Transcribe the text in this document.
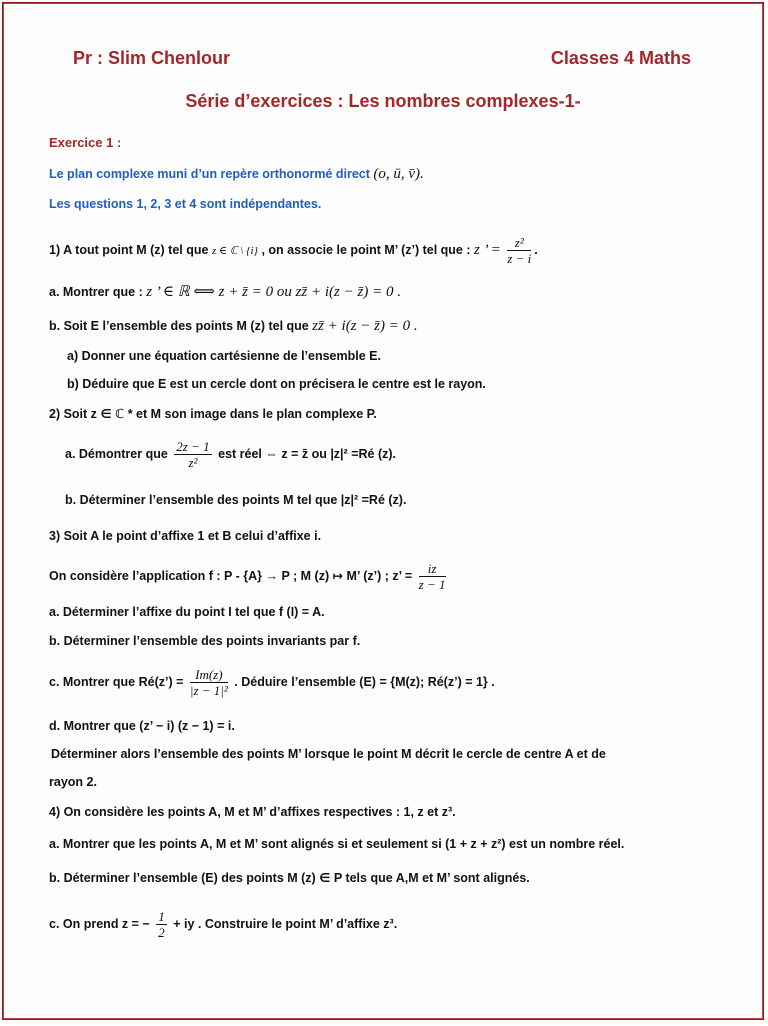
Pr : Slim Chenlour	Classes 4 Maths
Série d’exercices : Les nombres complexes-1-
Exercice 1 :
Le plan complexe muni d’un repère orthonormé direct (o, ū, v̄).
Les questions 1, 2, 3 et 4 sont indépendantes.
1) A tout point M (z) tel que z ∈ ℂ \ {i} , on associe le point M’ (z’) tel que : z ’ = $\frac{\text{z²}}{z - i}$ .
a. Montrer que : z ’ ∈ ℝ ⟺ z + z̄ = 0 ou zz̄ + i(z − z̄) = 0 .
b. Soit E l’ensemble des points M (z) tel que zz̄ + i(z − z̄) = 0 .
a) Donner une équation cartésienne de l’ensemble E.
b) Déduire que E est un cercle dont on précisera le centre est le rayon.
2) Soit z ∈ ℂ * et M son image dans le plan complexe P.
a. Démontrer que $\frac{2z - 1}{\text{z²}}$ est réel ⇔ z = z̄ ou |z|² =Ré (z).
b. Déterminer l’ensemble des points M tel que |z|² =Ré (z).
3) Soit A le point d’affixe 1 et B celui d’affixe i.
On considère l’application f : P - {A} → P ; M (z) ↦ M’ (z’) ; z’ = $\frac{iz}{z - 1}$
a. Déterminer l’affixe du point I tel que f (I) = A.
b. Déterminer l’ensemble des points invariants par f.
c. Montrer que Ré(z’) = $\frac{Im(z)}{\text{|z − 1|²}}$ . Déduire l’ensemble (E) = {M(z); Ré(z’) = 1} .
d. Montrer que (z’ − i) (z − 1) = i.
Déterminer alors l’ensemble des points M’ lorsque le point M décrit le cercle de centre A et de
rayon 2.
4) On considère les points A, M et M’ d’affixes respectives : 1, z et z³.
a. Montrer que les points A, M et M’ sont alignés si et seulement si (1 + z + z²) est un nombre réel.
b. Déterminer l’ensemble (E) des points M (z) ∈ P tels que A,M et M’ sont alignés.
c. On prend z = − $\frac{1}{2}$ + iy . Construire le point M’ d’affixe z³.
